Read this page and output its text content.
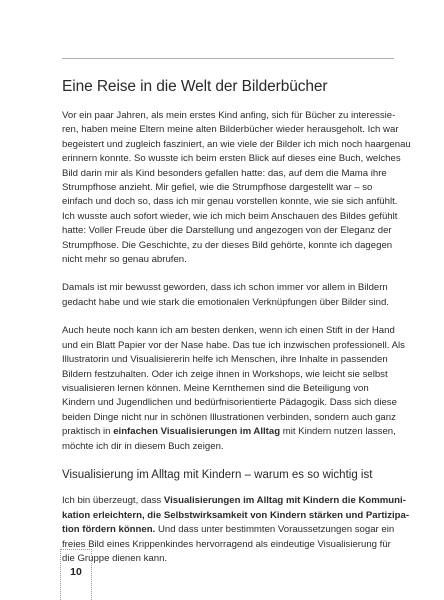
Eine Reise in die Welt der Bilderbücher

Vor ein paar Jahren, als mein erstes Kind anfing, sich für Bücher zu interessie-
ren, haben meine Eltern meine alten Bilderbücher wieder herausgeholt. Ich war
begeistert und zugleich fasziniert, an wie viele der Bilder ich mich noch haargenau
erinnern konnte. So wusste ich beim ersten Blick auf dieses eine Buch, welches
Bild darin mir als Kind besonders gefallen hatte: das, auf dem die Mama ihre
Strumpfhose anzieht. Mir gefiel, wie die Strumpfhose dargestellt war – so
einfach und doch so, dass ich mir genau vorstellen konnte, wie sie sich anfühlt.
Ich wusste auch sofort wieder, wie ich mich beim Anschauen des Bildes gefühlt
hatte: Voller Freude über die Darstellung und angezogen von der Eleganz der
Strumpfhose. Die Geschichte, zu der dieses Bild gehörte, konnte ich dagegen
nicht mehr so genau abrufen.

Damals ist mir bewusst geworden, dass ich schon immer vor allem in Bildern
gedacht habe und wie stark die emotionalen Verknüpfungen über Bilder sind.

Auch heute noch kann ich am besten denken, wenn ich einen Stift in der Hand
und ein Blatt Papier vor der Nase habe. Das tue ich inzwischen professionell. Als
Illustratorin und Visualisiererin helfe ich Menschen, ihre Inhalte in passenden
Bildern festzuhalten. Oder ich zeige ihnen in Workshops, wie leicht sie selbst
visualisieren lernen können. Meine Kernthemen sind die Beteiligung von
Kindern und Jugendlichen und bedürfnisorientierte Pädagogik. Dass sich diese
beiden Dinge nicht nur in schönen Illustrationen verbinden, sondern auch ganz
praktisch in einfachen Visualisierungen im Alltag mit Kindern nutzen lassen,
möchte ich dir in diesem Buch zeigen.

Visualisierung im Alltag mit Kindern – warum es so wichtig ist

Ich bin überzeugt, dass Visualisierungen im Alltag mit Kindern die Kommuni-
kation erleichtern, die Selbstwirksamkeit von Kindern stärken und Partizipa-
tion fördern können. Und dass unter bestimmten Voraussetzungen sogar ein
freies Bild eines Krippenkindes hervorragend als eindeutige Visualisierung für
die Gruppe dienen kann.

10
